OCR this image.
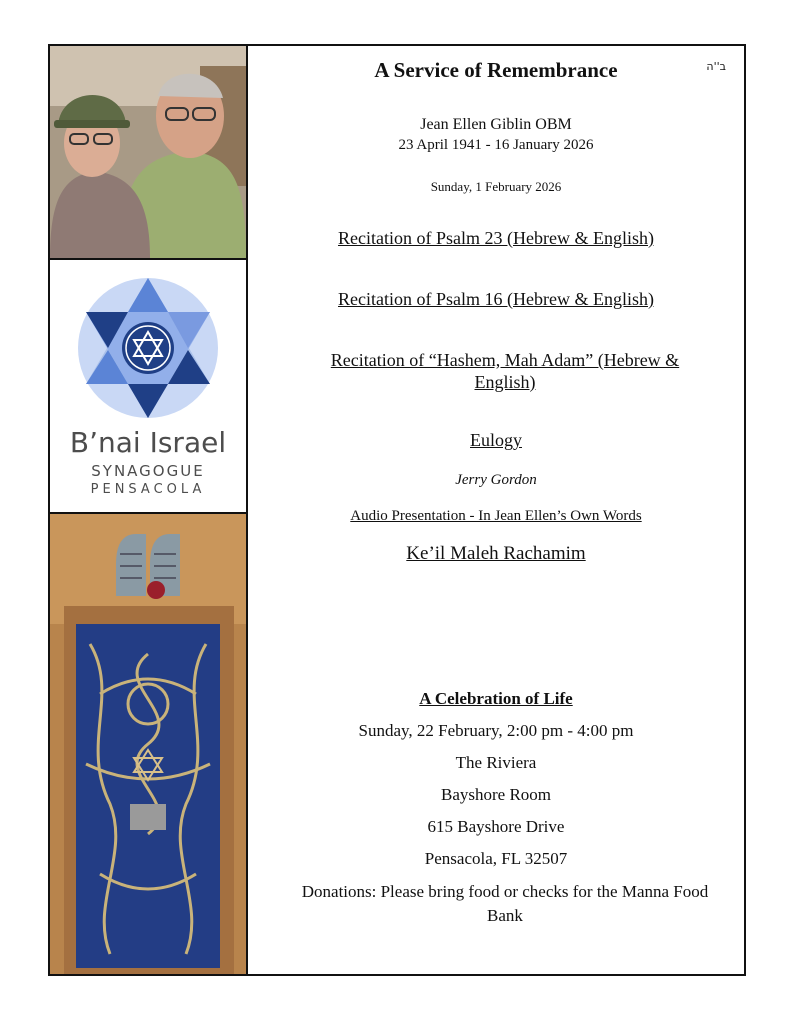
B’nai Israel
SYNAGOGUE
PENSACOLA
ב''ה
A Service of Remembrance
Jean Ellen Giblin OBM
23 April 1941 - 16 January 2026
Sunday, 1 February 2026
Recitation of Psalm 23 (Hebrew & English)
Recitation of Psalm 16 (Hebrew & English)
Recitation of “Hashem, Mah Adam” (Hebrew & English)
Eulogy
Jerry Gordon
Audio Presentation - In Jean Ellen’s Own Words
Ke’il Maleh Rachamim
A Celebration of Life
Sunday, 22 February, 2:00 pm - 4:00 pm
The Riviera
Bayshore Room
615 Bayshore Drive
Pensacola, FL 32507
Donations: Please bring food or checks for the Manna Food Bank
